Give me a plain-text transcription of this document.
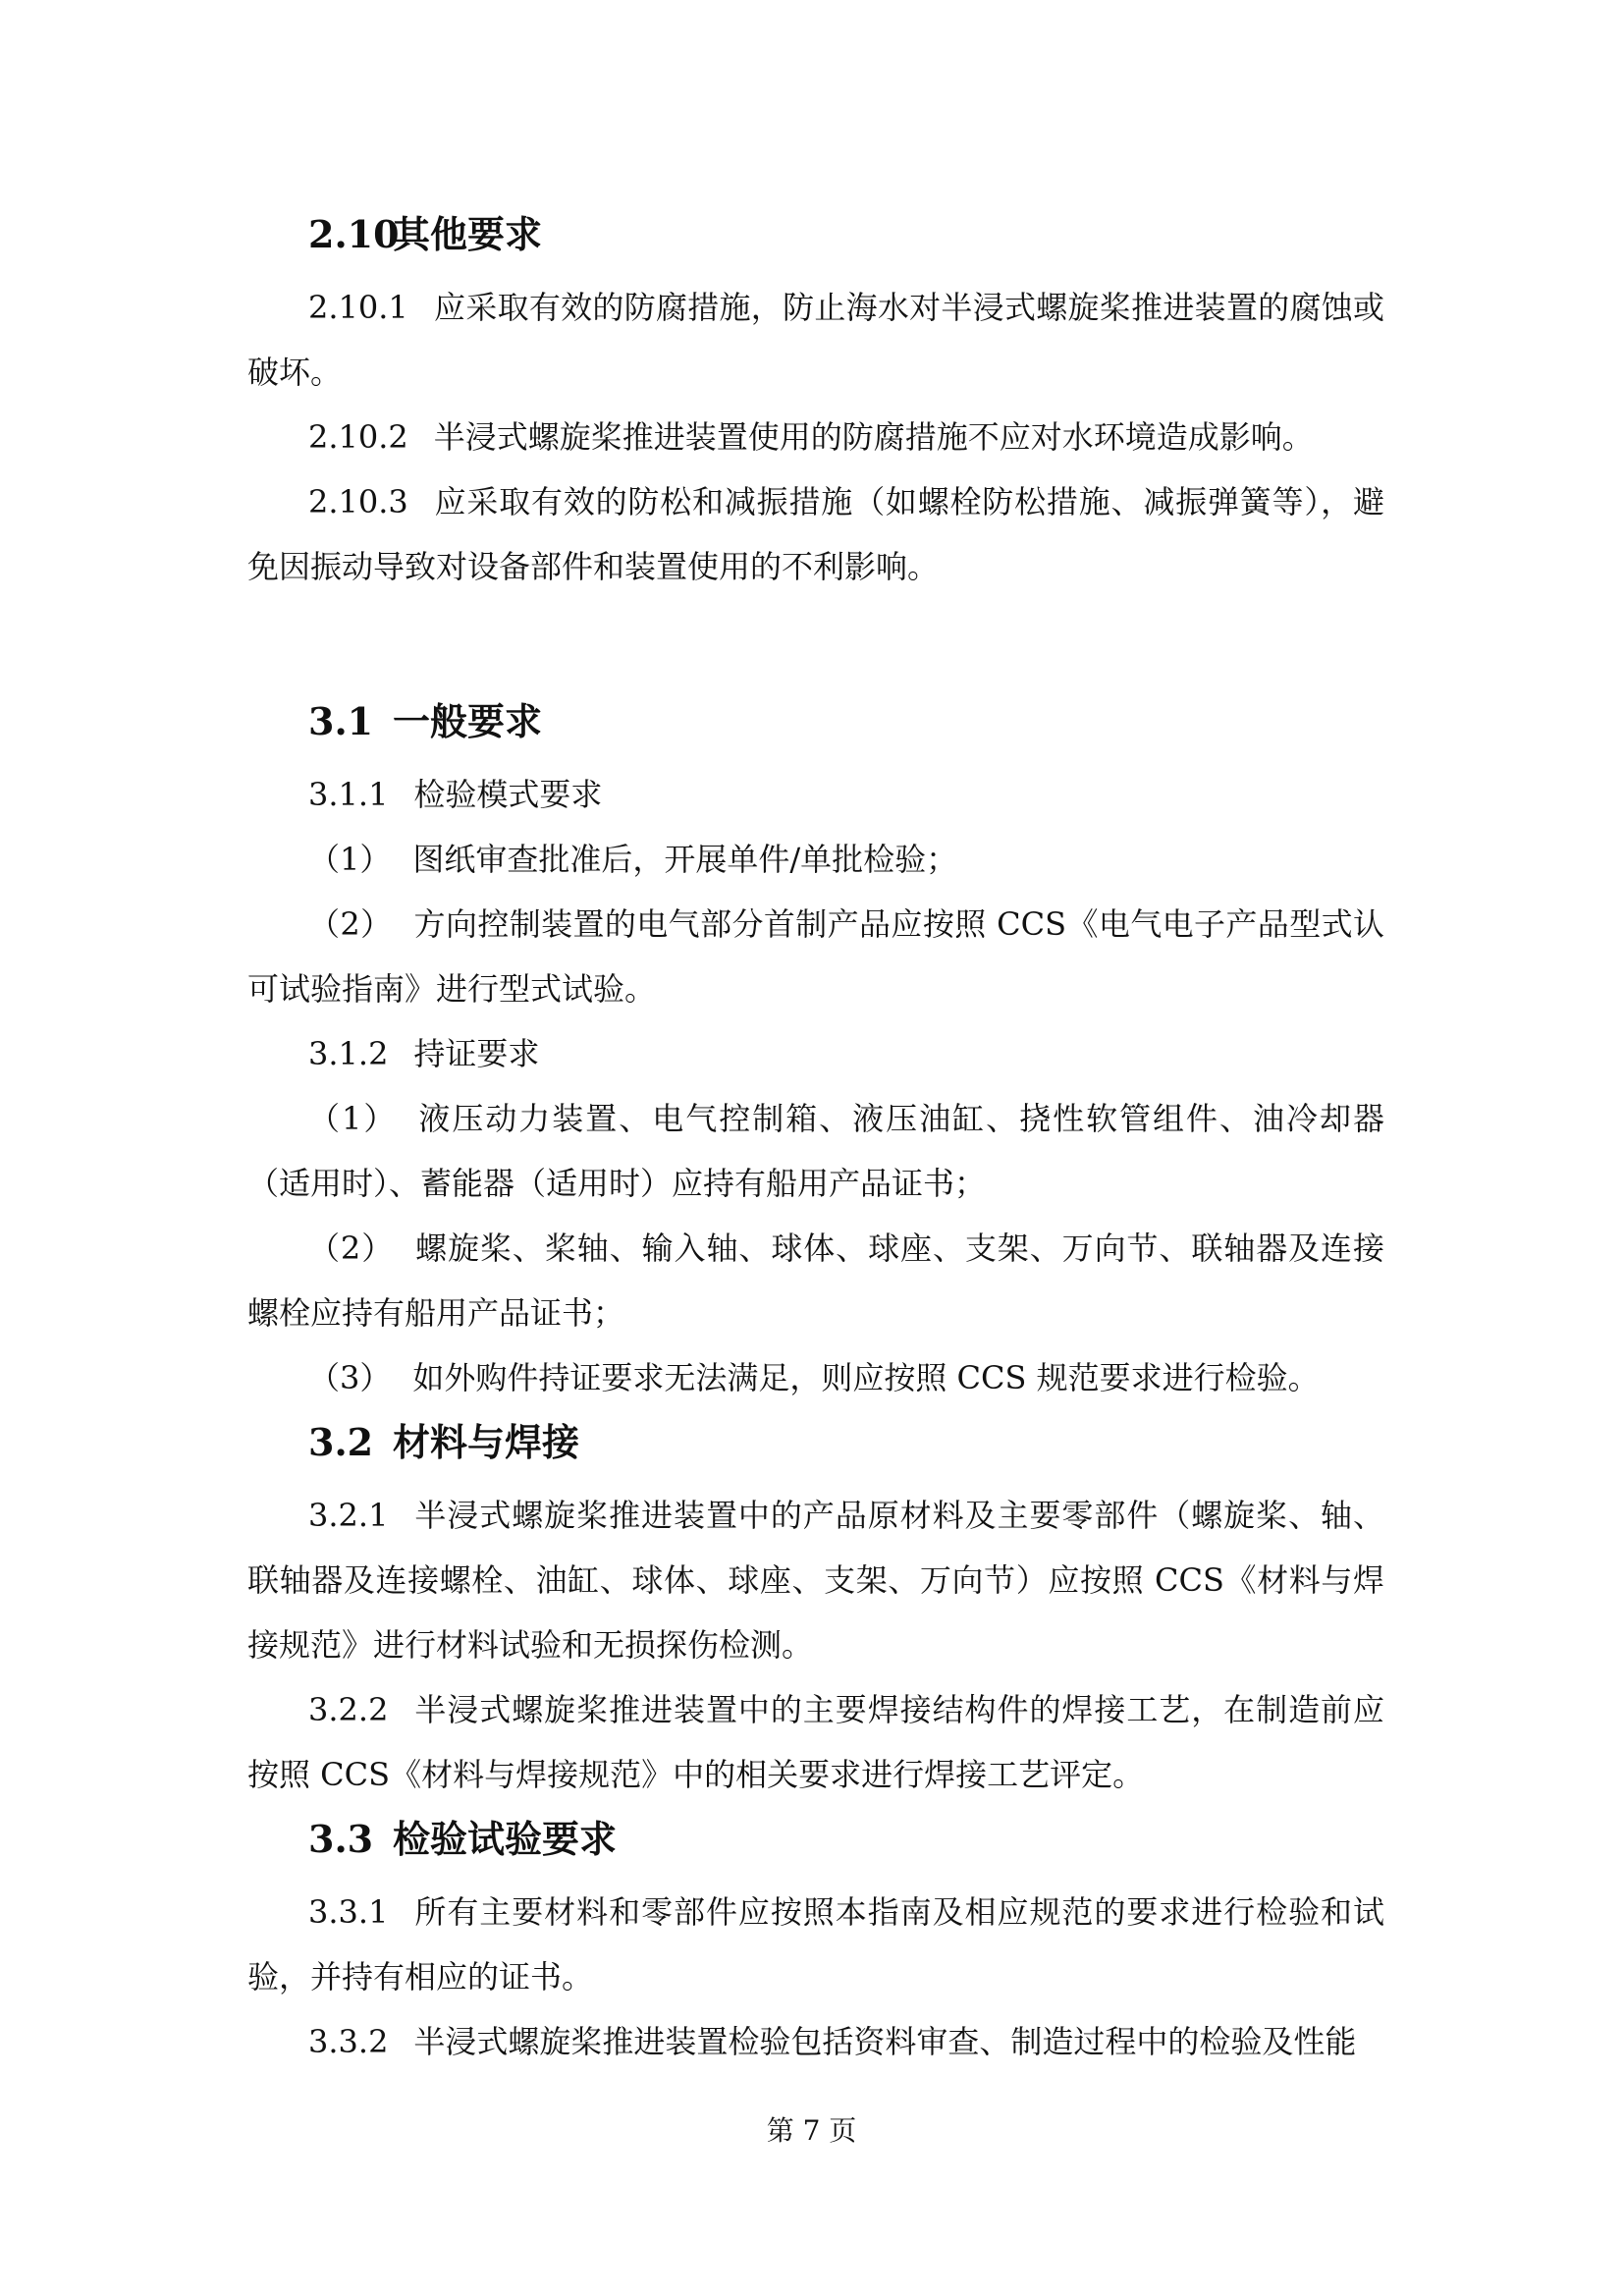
2.10其他要求

2.10.1 应采取有效的防腐措施，防止海水对半浸式螺旋桨推进装置的腐蚀或破坏。

2.10.2 半浸式螺旋桨推进装置使用的防腐措施不应对水环境造成影响。

2.10.3 应采取有效的防松和减振措施（如螺栓防松措施、减振弹簧等），避免因振动导致对设备部件和装置使用的不利影响。

3.1 一般要求

3.1.1 检验模式要求

（1） 图纸审查批准后，开展单件/单批检验；

（2） 方向控制装置的电气部分首制产品应按照 CCS《电气电子产品型式认可试验指南》进行型式试验。

3.1.2 持证要求

（1） 液压动力装置、电气控制箱、液压油缸、挠性软管组件、油冷却器（适用时）、蓄能器（适用时）应持有船用产品证书；

（2） 螺旋桨、桨轴、输入轴、球体、球座、支架、万向节、联轴器及连接螺栓应持有船用产品证书；

（3） 如外购件持证要求无法满足，则应按照 CCS 规范要求进行检验。

3.2 材料与焊接

3.2.1 半浸式螺旋桨推进装置中的产品原材料及主要零部件（螺旋桨、轴、联轴器及连接螺栓、油缸、球体、球座、支架、万向节）应按照 CCS《材料与焊接规范》进行材料试验和无损探伤检测。

3.2.2 半浸式螺旋桨推进装置中的主要焊接结构件的焊接工艺，在制造前应按照 CCS《材料与焊接规范》中的相关要求进行焊接工艺评定。

3.3 检验试验要求

3.3.1 所有主要材料和零部件应按照本指南及相应规范的要求进行检验和试验，并持有相应的证书。

3.3.2 半浸式螺旋桨推进装置检验包括资料审查、制造过程中的检验及性能

第 7 页
